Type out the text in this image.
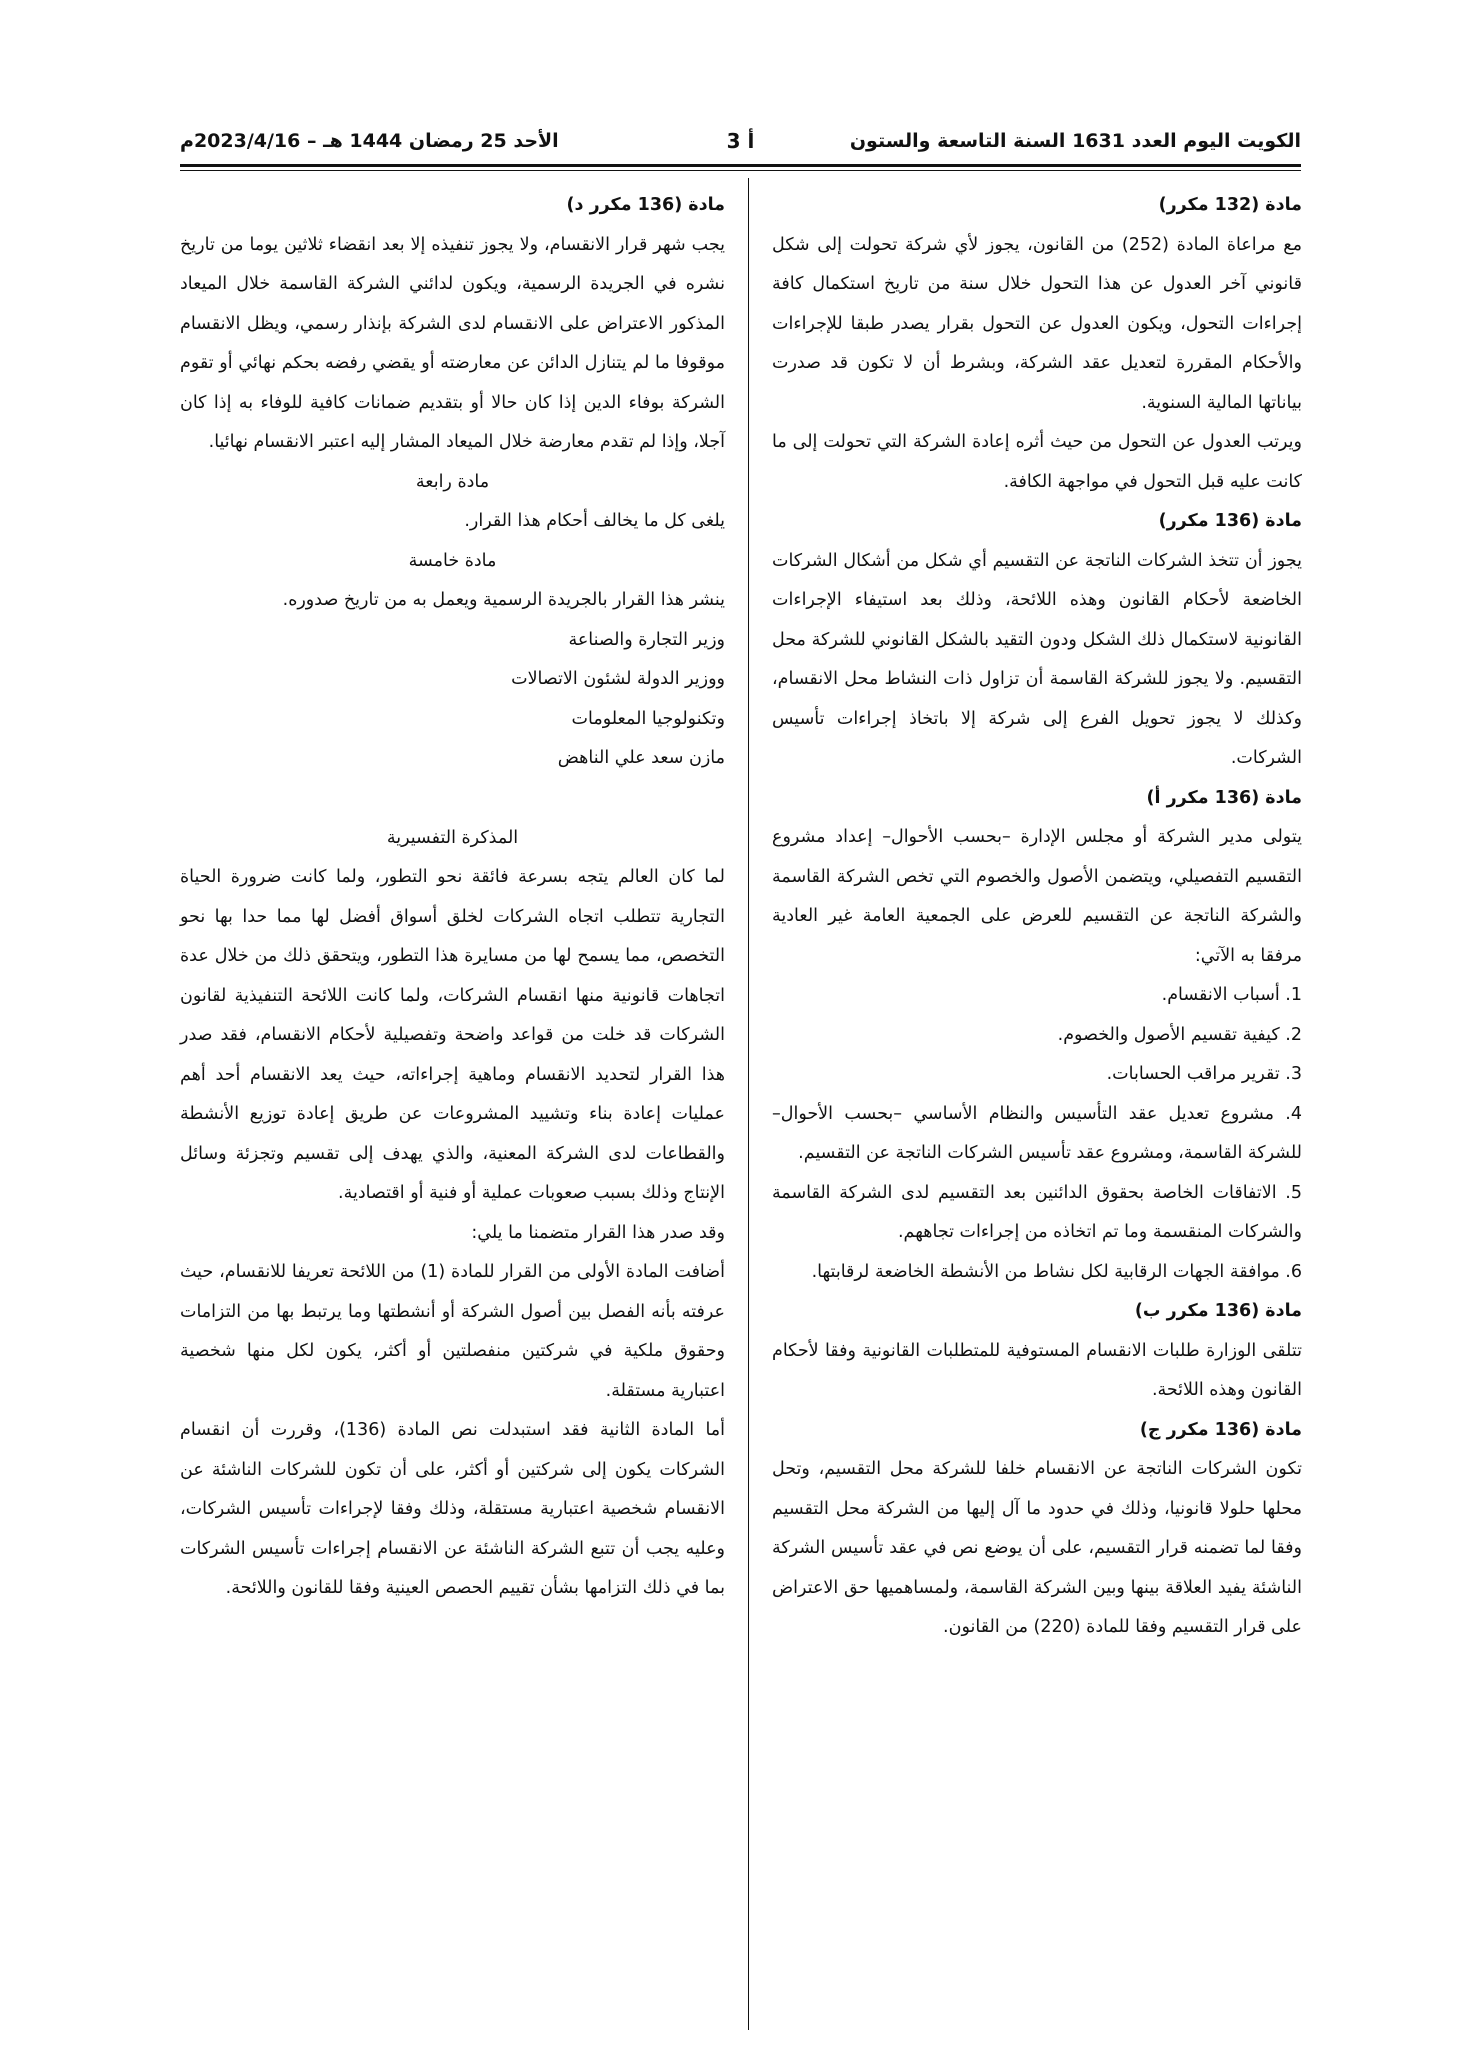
الكويت اليوم العدد 1631 السنة التاسعة والستون
أ 3
الأحد 25 رمضان 1444 هـ – 2023/4/16م

مادة (132 مكرر)

مع مراعاة المادة (252) من القانون، يجوز لأي شركة تحولت إلى شكل قانوني آخر العدول عن هذا التحول خلال سنة من تاريخ استكمال كافة إجراءات التحول، ويكون العدول عن التحول بقرار يصدر طبقا للإجراءات والأحكام المقررة لتعديل عقد الشركة، وبشرط أن لا تكون قد صدرت بياناتها المالية السنوية.

ويرتب العدول عن التحول من حيث أثره إعادة الشركة التي تحولت إلى ما كانت عليه قبل التحول في مواجهة الكافة.

مادة (136 مكرر)

يجوز أن تتخذ الشركات الناتجة عن التقسيم أي شكل من أشكال الشركات الخاضعة لأحكام القانون وهذه اللائحة، وذلك بعد استيفاء الإجراءات القانونية لاستكمال ذلك الشكل ودون التقيد بالشكل القانوني للشركة محل التقسيم. ولا يجوز للشركة القاسمة أن تزاول ذات النشاط محل الانقسام، وكذلك لا يجوز تحويل الفرع إلى شركة إلا باتخاذ إجراءات تأسيس الشركات.

مادة (136 مكرر أ)

يتولى مدير الشركة أو مجلس الإدارة –بحسب الأحوال– إعداد مشروع التقسيم التفصيلي، ويتضمن الأصول والخصوم التي تخص الشركة القاسمة والشركة الناتجة عن التقسيم للعرض على الجمعية العامة غير العادية مرفقا به الآتي:

1. أسباب الانقسام.

2. كيفية تقسيم الأصول والخصوم.

3. تقرير مراقب الحسابات.

4. مشروع تعديل عقد التأسيس والنظام الأساسي –بحسب الأحوال– للشركة القاسمة، ومشروع عقد تأسيس الشركات الناتجة عن التقسيم.

5. الاتفاقات الخاصة بحقوق الدائنين بعد التقسيم لدى الشركة القاسمة والشركات المنقسمة وما تم اتخاذه من إجراءات تجاههم.

6. موافقة الجهات الرقابية لكل نشاط من الأنشطة الخاضعة لرقابتها.

مادة (136 مكرر ب)

تتلقى الوزارة طلبات الانقسام المستوفية للمتطلبات القانونية وفقا لأحكام القانون وهذه اللائحة.

مادة (136 مكرر ج)

تكون الشركات الناتجة عن الانقسام خلفا للشركة محل التقسيم، وتحل محلها حلولا قانونيا، وذلك في حدود ما آل إليها من الشركة محل التقسيم وفقا لما تضمنه قرار التقسيم، على أن يوضع نص في عقد تأسيس الشركة الناشئة يفيد العلاقة بينها وبين الشركة القاسمة، ولمساهميها حق الاعتراض على قرار التقسيم وفقا للمادة (220) من القانون.

مادة (136 مكرر د)

يجب شهر قرار الانقسام، ولا يجوز تنفيذه إلا بعد انقضاء ثلاثين يوما من تاريخ نشره في الجريدة الرسمية، ويكون لدائني الشركة القاسمة خلال الميعاد المذكور الاعتراض على الانقسام لدى الشركة بإنذار رسمي، ويظل الانقسام موقوفا ما لم يتنازل الدائن عن معارضته أو يقضي رفضه بحكم نهائي أو تقوم الشركة بوفاء الدين إذا كان حالا أو بتقديم ضمانات كافية للوفاء به إذا كان آجلا، وإذا لم تقدم معارضة خلال الميعاد المشار إليه اعتبر الانقسام نهائيا.

مادة رابعة

يلغى كل ما يخالف أحكام هذا القرار.

مادة خامسة

ينشر هذا القرار بالجريدة الرسمية ويعمل به من تاريخ صدوره.

وزير التجارة والصناعة

ووزير الدولة لشئون الاتصالات

وتكنولوجيا المعلومات

مازن سعد علي الناهض

المذكرة التفسيرية

لما كان العالم يتجه بسرعة فائقة نحو التطور، ولما كانت ضرورة الحياة التجارية تتطلب اتجاه الشركات لخلق أسواق أفضل لها مما حدا بها نحو التخصص، مما يسمح لها من مسايرة هذا التطور، ويتحقق ذلك من خلال عدة اتجاهات قانونية منها انقسام الشركات، ولما كانت اللائحة التنفيذية لقانون الشركات قد خلت من قواعد واضحة وتفصيلية لأحكام الانقسام، فقد صدر هذا القرار لتحديد الانقسام وماهية إجراءاته، حيث يعد الانقسام أحد أهم عمليات إعادة بناء وتشييد المشروعات عن طريق إعادة توزيع الأنشطة والقطاعات لدى الشركة المعنية، والذي يهدف إلى تقسيم وتجزئة وسائل الإنتاج وذلك بسبب صعوبات عملية أو فنية أو اقتصادية.

وقد صدر هذا القرار متضمنا ما يلي:

أضافت المادة الأولى من القرار للمادة (1) من اللائحة تعريفا للانقسام، حيث عرفته بأنه الفصل بين أصول الشركة أو أنشطتها وما يرتبط بها من التزامات وحقوق ملكية في شركتين منفصلتين أو أكثر، يكون لكل منها شخصية اعتبارية مستقلة.

أما المادة الثانية فقد استبدلت نص المادة (136)، وقررت أن انقسام الشركات يكون إلى شركتين أو أكثر، على أن تكون للشركات الناشئة عن الانقسام شخصية اعتبارية مستقلة، وذلك وفقا لإجراءات تأسيس الشركات، وعليه يجب أن تتبع الشركة الناشئة عن الانقسام إجراءات تأسيس الشركات بما في ذلك التزامها بشأن تقييم الحصص العينية وفقا للقانون واللائحة.
